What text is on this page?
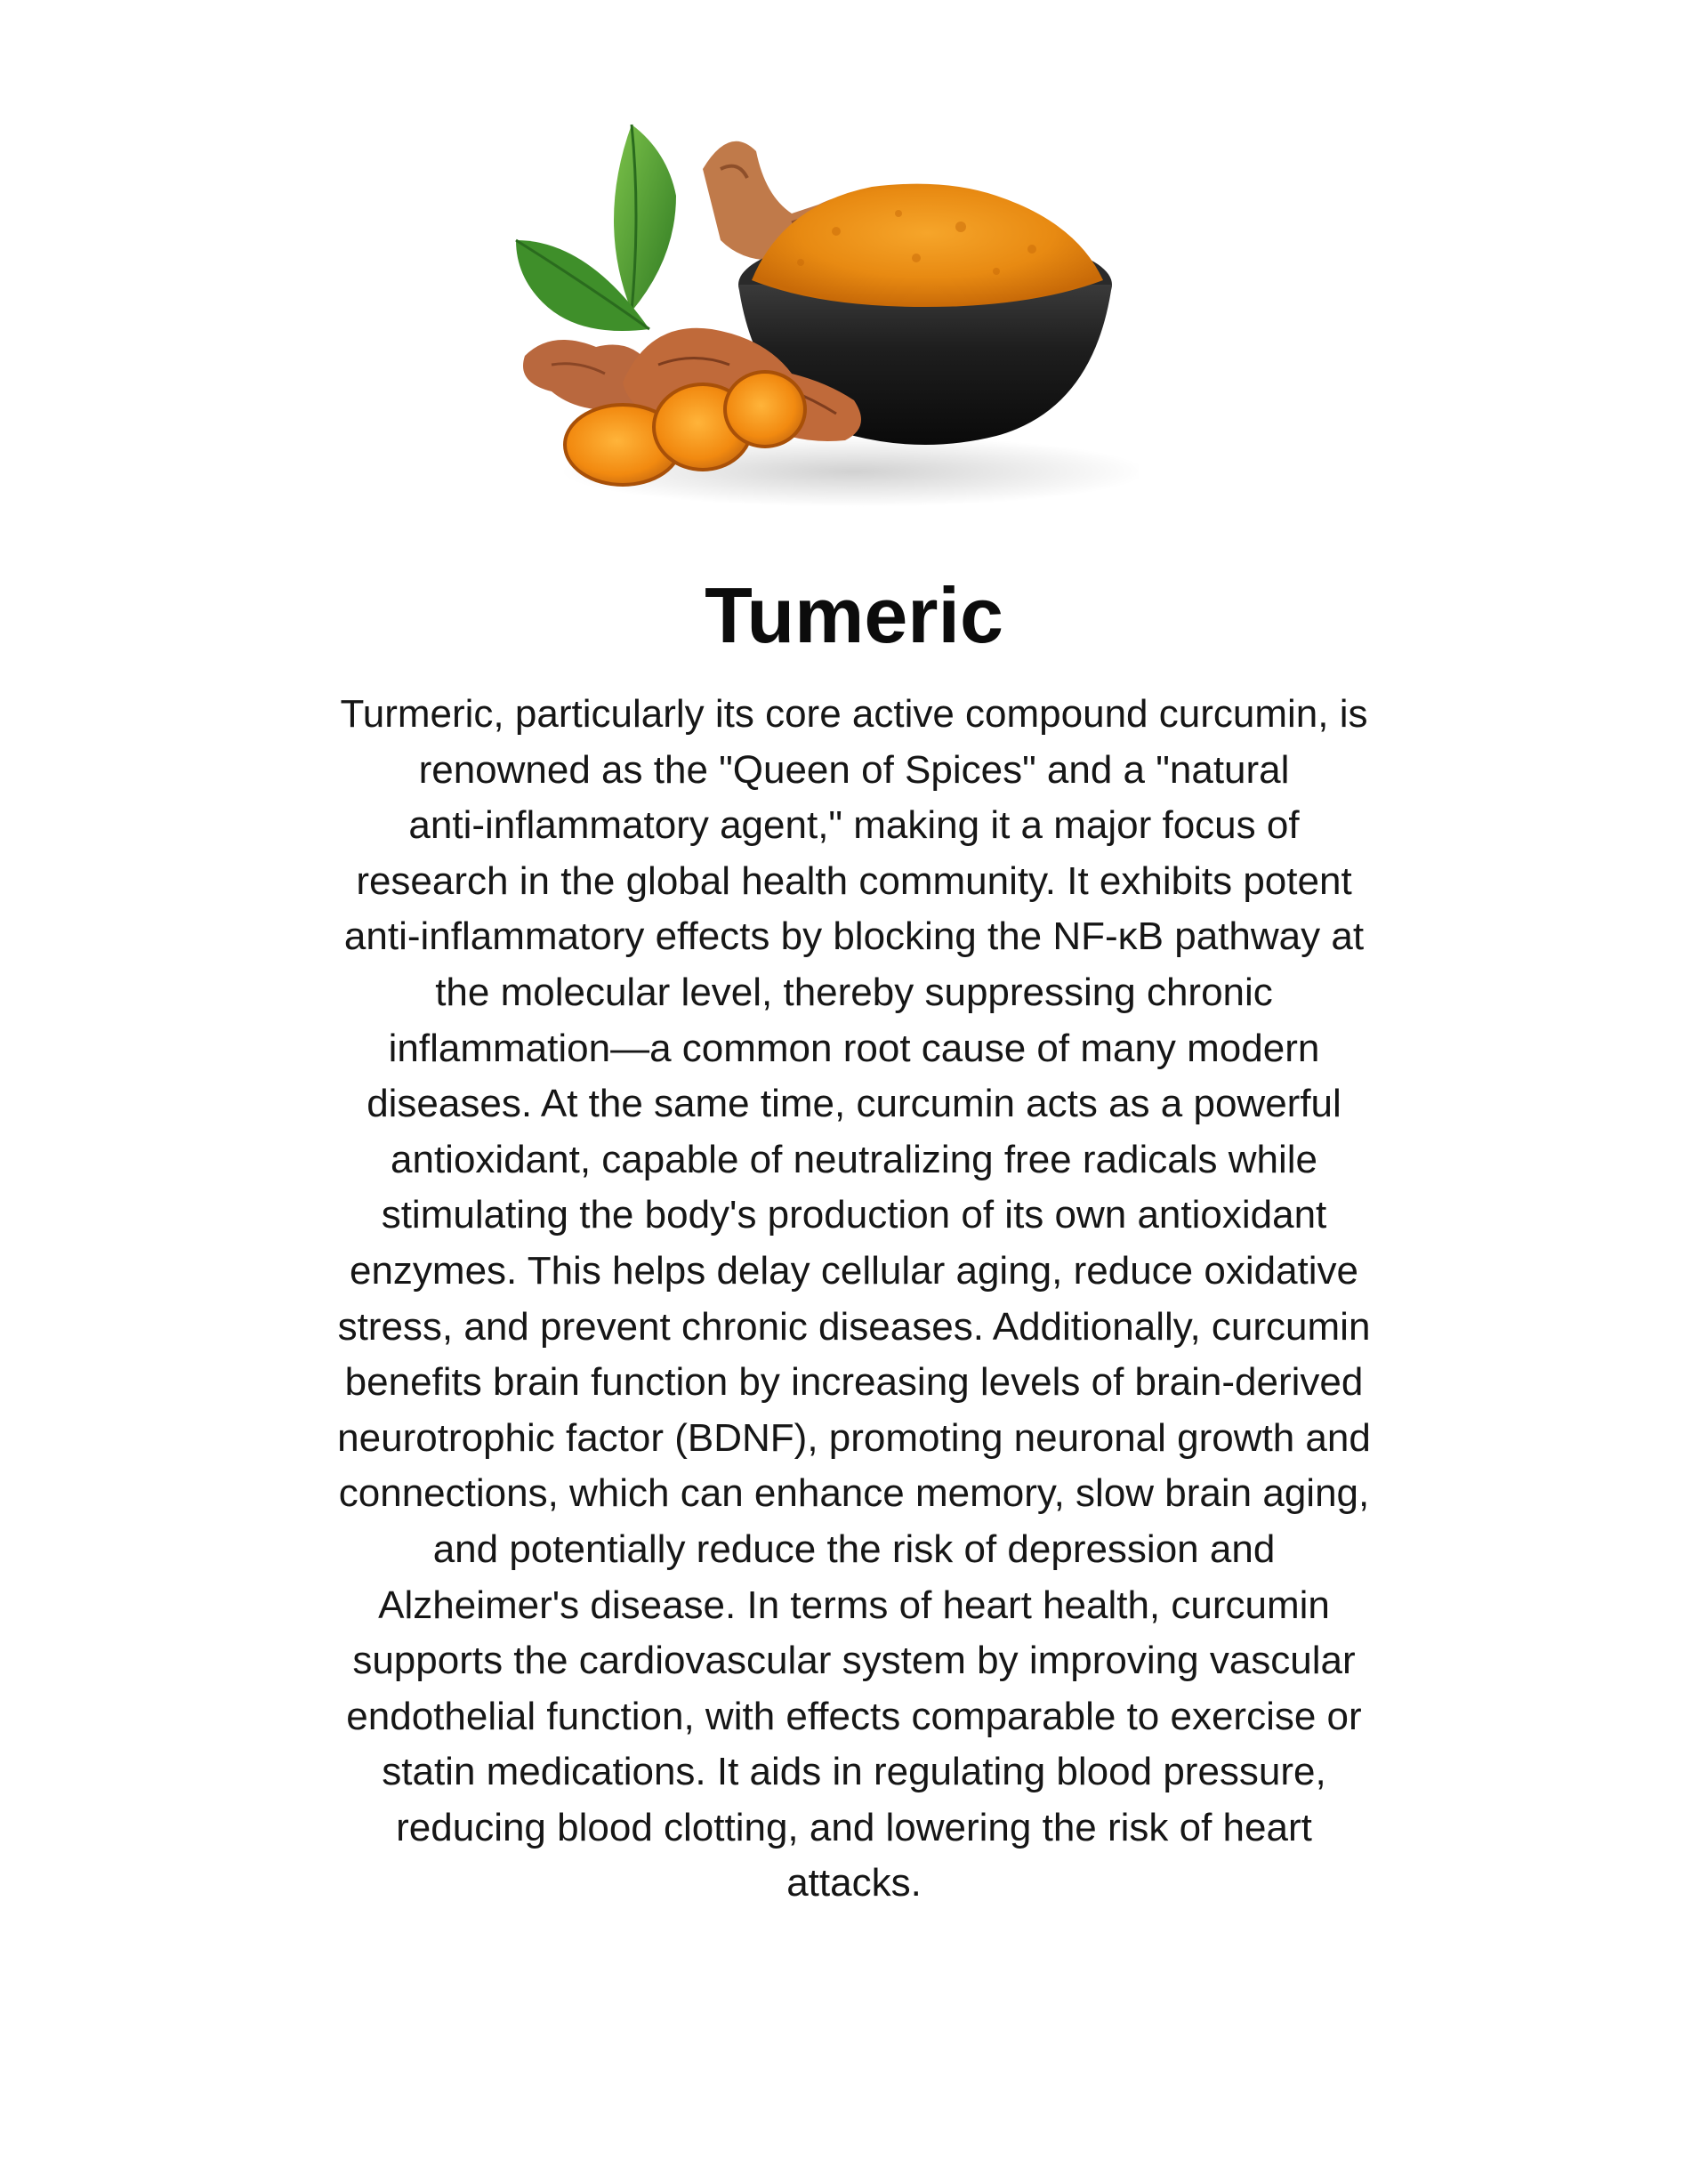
Tumeric

Turmeric, particularly its core active compound curcumin, is
renowned as the "Queen of Spices" and a "natural
anti-inflammatory agent," making it a major focus of
research in the global health community. It exhibits potent
anti-inflammatory effects by blocking the NF-κB pathway at
the molecular level, thereby suppressing chronic
inflammation—a common root cause of many modern
diseases. At the same time, curcumin acts as a powerful
antioxidant, capable of neutralizing free radicals while
stimulating the body's production of its own antioxidant
enzymes. This helps delay cellular aging, reduce oxidative
stress, and prevent chronic diseases. Additionally, curcumin
benefits brain function by increasing levels of brain-derived
neurotrophic factor (BDNF), promoting neuronal growth and
connections, which can enhance memory, slow brain aging,
and potentially reduce the risk of depression and
Alzheimer's disease. In terms of heart health, curcumin
supports the cardiovascular system by improving vascular
endothelial function, with effects comparable to exercise or
statin medications. It aids in regulating blood pressure,
reducing blood clotting, and lowering the risk of heart
attacks.
